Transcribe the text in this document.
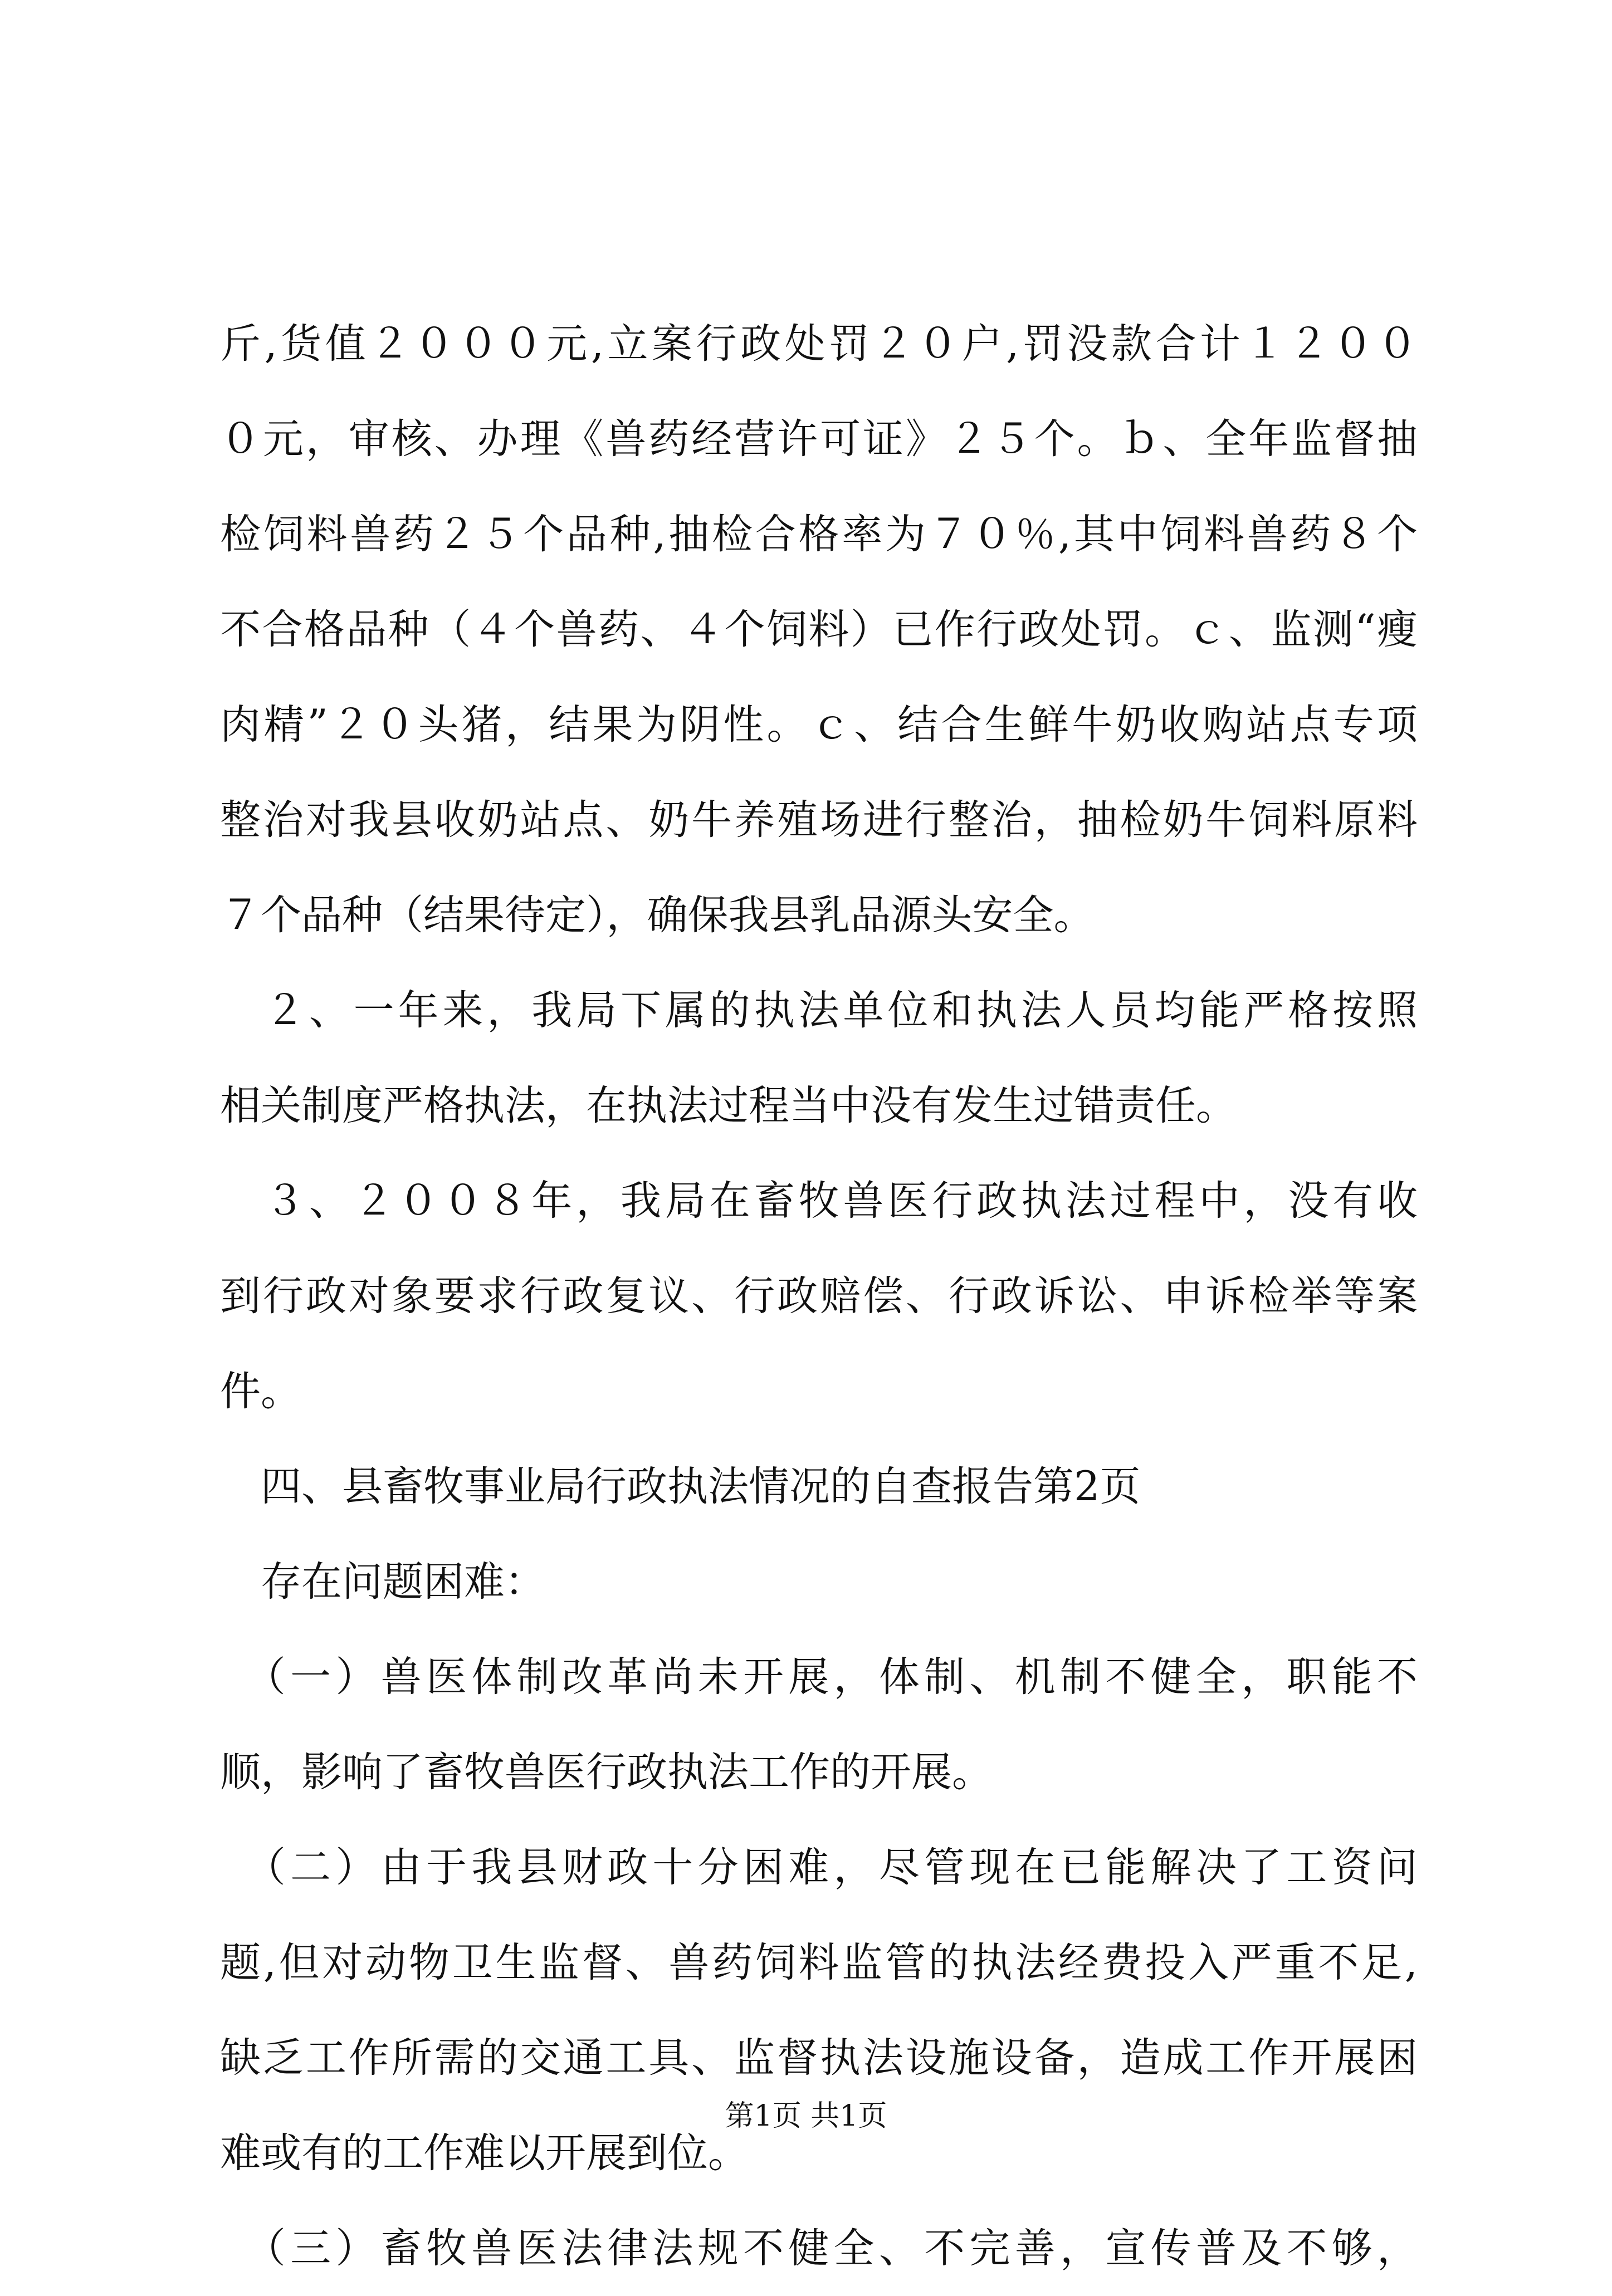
斤,货值２０００元,立案行政处罚２０户,罚没款合计１２００
０元，审核、办理《兽药经营许可证》２５个。ｂ、全年监督抽
检饲料兽药２５个品种,抽检合格率为７０％,其中饲料兽药８个
不合格品种（４个兽药、４个饲料）已作行政处罚。ｃ、监测“瘦
肉精”２０头猪，结果为阴性。ｃ、结合生鲜牛奶收购站点专项
整治对我县收奶站点、奶牛养殖场进行整治，抽检奶牛饲料原料
７个品种（结果待定），确保我县乳品源头安全。
　２、一年来，我局下属的执法单位和执法人员均能严格按照
相关制度严格执法，在执法过程当中没有发生过错责任。
　３、２００８年，我局在畜牧兽医行政执法过程中，没有收
到行政对象要求行政复议、行政赔偿、行政诉讼、申诉检举等案
件。
　四、县畜牧事业局行政执法情况的自查报告第2页
　存在问题困难：
　（一）兽医体制改革尚未开展，体制、机制不健全，职能不
顺，影响了畜牧兽医行政执法工作的开展。
　（二）由于我县财政十分困难，尽管现在已能解决了工资问
题,但对动物卫生监督、兽药饲料监管的执法经费投入严重不足,
缺乏工作所需的交通工具、监督执法设施设备，造成工作开展困
难或有的工作难以开展到位。
　（三）畜牧兽医法律法规不健全、不完善，宣传普及不够，
第1页 共1页
